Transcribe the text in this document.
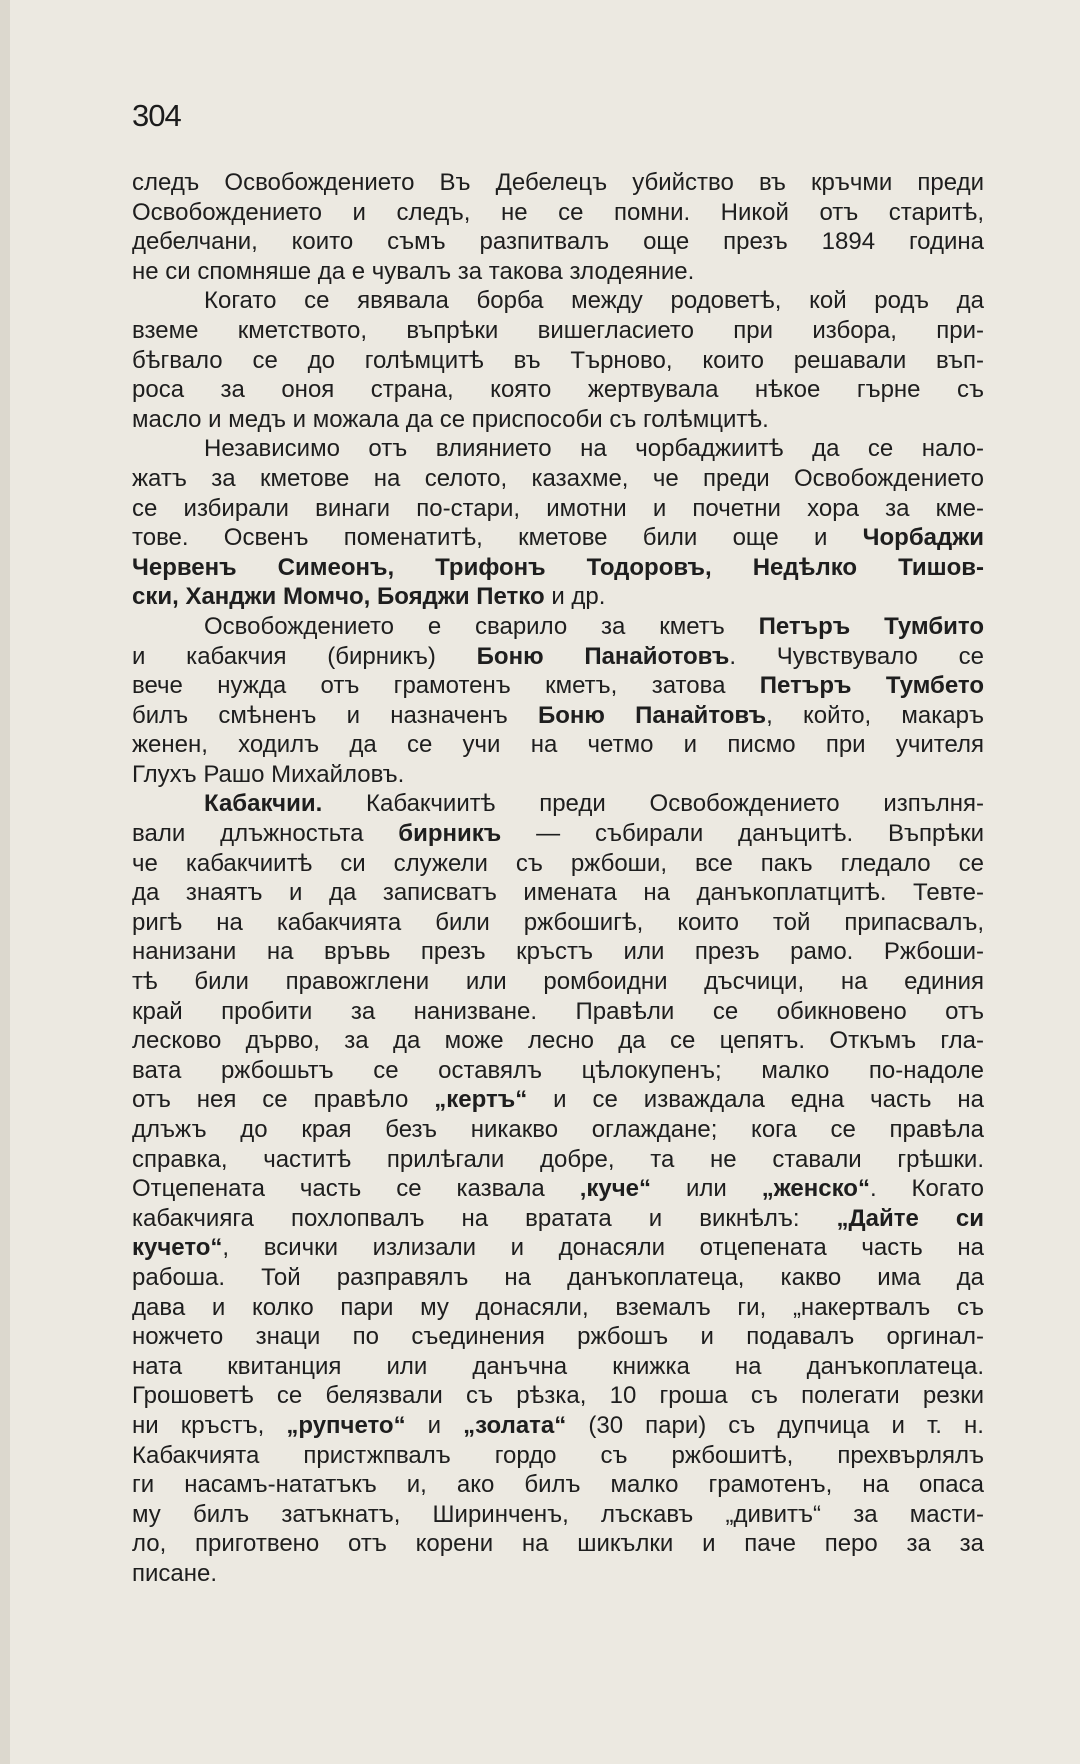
304
следъ Освобождението Въ Дебелецъ убийство въ кръчми преди
Освобождението и следъ, не се помни. Никой отъ старитѣ,
дебелчани, които съмъ разпитвалъ още презъ 1894 година
не си спомняше да е чувалъ за такова злодеяние.
Когато се явявала борба между родоветѣ, кой родъ да
вземе кметството, въпрѣки вишегласието при избора, при-
бѣгвало се до голѣмцитѣ въ Търново, които решавали въп-
роса за оноя страна, която жертвувала нѣкое гърне съ
масло и медъ и можала да се приспособи съ голѣмцитѣ.
Независимо отъ влиянието на чорбаджиитѣ да се нало-
жатъ за кметове на селото, казахме, че преди Освобождението
се избирали винаги по-стари, имотни и почетни хора за кме-
тове. Освенъ поменатитѣ, кметове били още и Чорбаджи
Червенъ Симеонъ, Трифонъ Тодоровъ, Недѣлко Тишов-
ски, Ханджи Момчо, Бояджи Петко и др.
Освобождението е сварило за кметъ Петъръ Тумбито
и кабакчия (бирникъ) Боню Панайотовъ. Чувствувало се
вече нужда отъ грамотенъ кметъ, затова Петъръ Тумбето
билъ смѣненъ и назначенъ Боню Панайтовъ, който, макаръ
женен, ходилъ да се учи на четмо и писмо при учителя
Глухъ Рашо Михайловъ.
Кабакчии. Кабакчиитѣ преди Освобождението изпълня-
вали длъжностьта бирникъ — събирали данъцитѣ. Въпрѣки
че кабакчиитѣ си служели съ ржбоши, все пакъ гледало се
да знаятъ и да записватъ имената на данъкоплатцитѣ. Тевте-
ригѣ на кабакчията били ржбошигѣ, които той припасвалъ,
нанизани на връвь презъ кръстъ или презъ рамо. Ржбоши-
тѣ били правожглени или ромбоидни дъсчици, на единия
край пробити за нанизване. Правѣли се обикновено отъ
лесково дърво, за да може лесно да се цепятъ. Откъмъ гла-
вата ржбошьтъ се оставялъ цѣлокупенъ; малко по-надоле
отъ нея се правѣло „кертъ“ и се изваждала една часть на
длъжъ до края безъ никакво оглаждане; кога се правѣла
справка, частитѣ прилѣгали добре, та не ставали грѣшки.
Отцепената часть се казвала ‚куче“ или „женско“. Когато
кабакчияга похлопвалъ на вратата и викнѣлъ: „Дайте си
кучето“, всички излизали и донасяли отцепената часть на
рабоша. Той разправялъ на данъкоплатеца, какво има да
дава и колко пари му донасяли, вземалъ ги, „накертвалъ съ
ножчето знаци по съединения ржбошъ и подавалъ оргинал-
ната квитанция или данъчна книжка на данъкоплатеца.
Грошоветѣ се белязвали съ рѣзка, 10 гроша съ полегати резки
ни кръстъ, „рупчето“ и „золата“ (30 пари) съ дупчица и т. н.
Кабакчията пристжпвалъ гордо съ ржбошитѣ, прехвърлялъ
ги насамъ-нататъкъ и, ако билъ малко грамотенъ, на опаса
му билъ затъкнатъ, Ширинченъ, лъскавъ „дивитъ“ за масти-
ло, приготвено отъ корени на шикълки и паче перо за за
писане.
